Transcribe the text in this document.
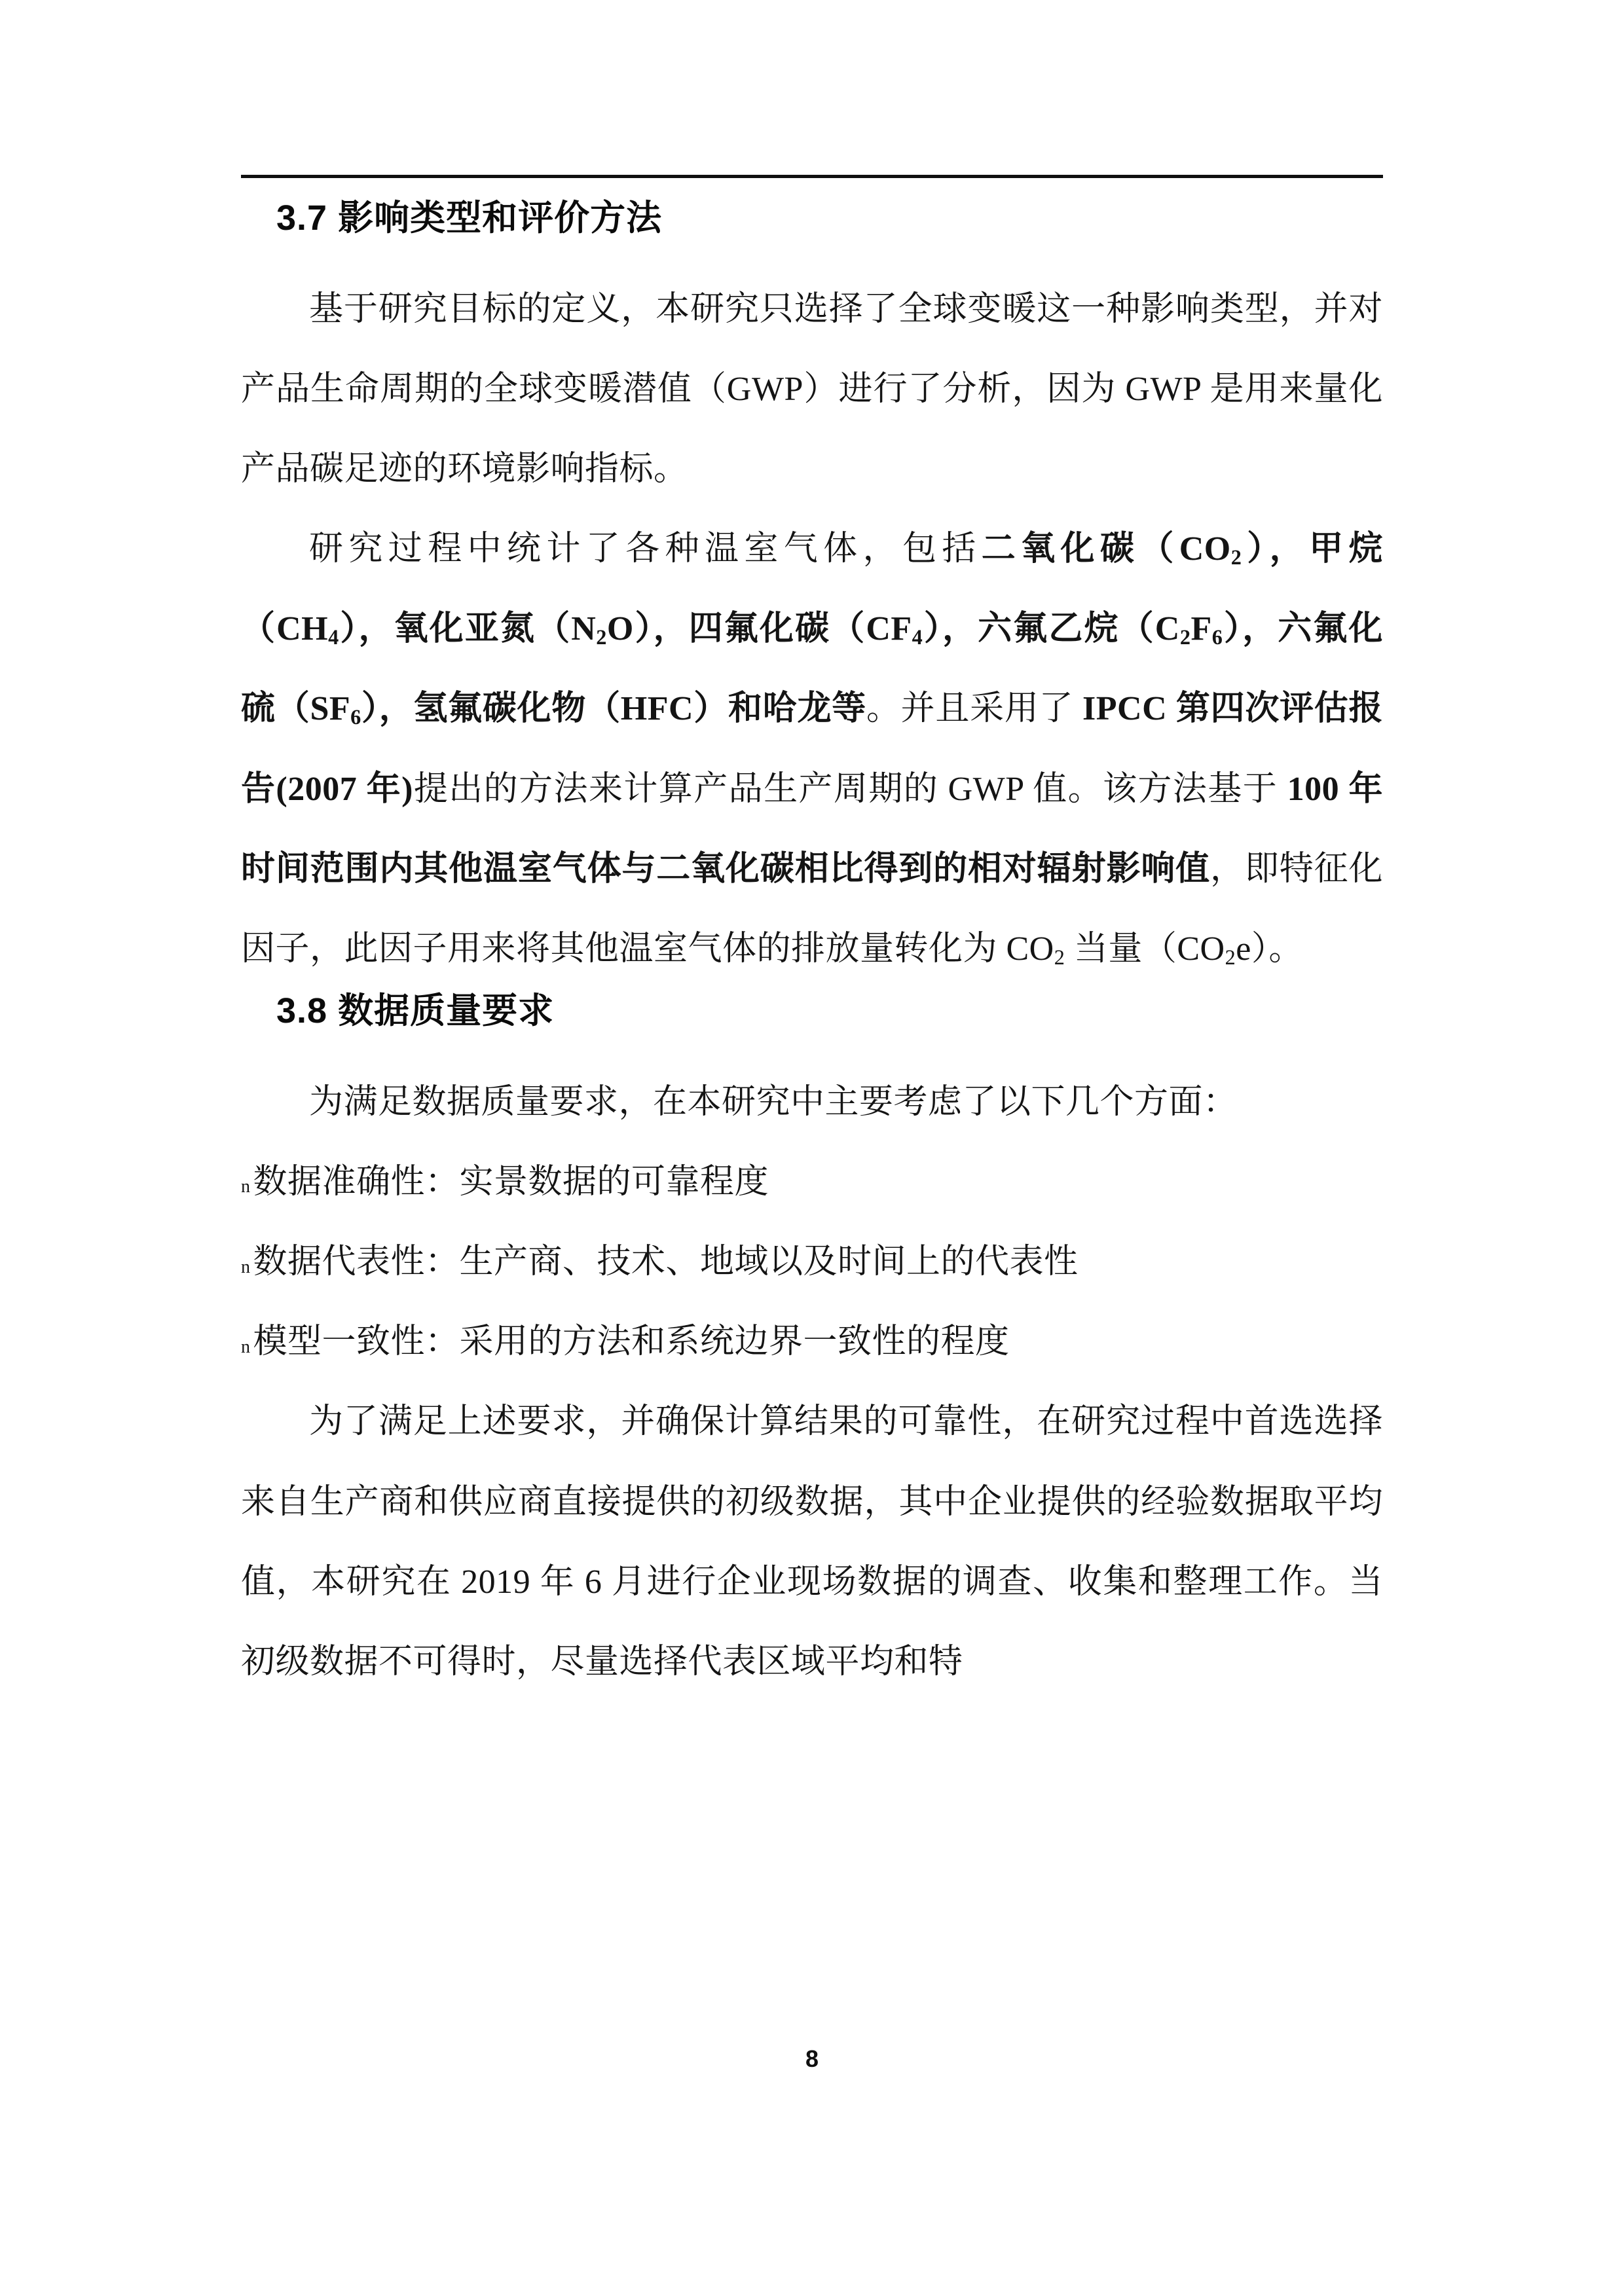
3.7 影响类型和评价方法

基于研究目标的定义，本研究只选择了全球变暖这一种影响类型，并对产品生命周期的全球变暖潜值（GWP）进行了分析，因为 GWP 是用来量化产品碳足迹的环境影响指标。

研究过程中统计了各种温室气体，包括二氧化碳$(CO_2)$，甲烷$(CH_4)$，氧化亚氮$(N_2O)$，四氟化碳$(CF_4)$，六氟乙烷$(C_2F_6)$，六氟化硫$(SF_6)$，氢氟碳化物（HFC）和哈龙等。并且采用了 IPCC 第四次评估报告(2007 年)提出的方法来计算产品生产周期的 GWP 值。该方法基于 100 年时间范围内其他温室气体与二氧化碳相比得到的相对辐射影响值，即特征化因子，此因子用来将其他温室气体的排放量转化为 $CO_2$ 当量$(CO_2e)$。

3.8 数据质量要求

为满足数据质量要求，在本研究中主要考虑了以下几个方面：

n数据准确性：实景数据的可靠程度
n数据代表性：生产商、技术、地域以及时间上的代表性
n模型一致性：采用的方法和系统边界一致性的程度

为了满足上述要求，并确保计算结果的可靠性，在研究过程中首选选择来自生产商和供应商直接提供的初级数据，其中企业提供的经验数据取平均值，本研究在 2019 年 6 月进行企业现场数据的调查、收集和整理工作。当初级数据不可得时，尽量选择代表区域平均和特

8
